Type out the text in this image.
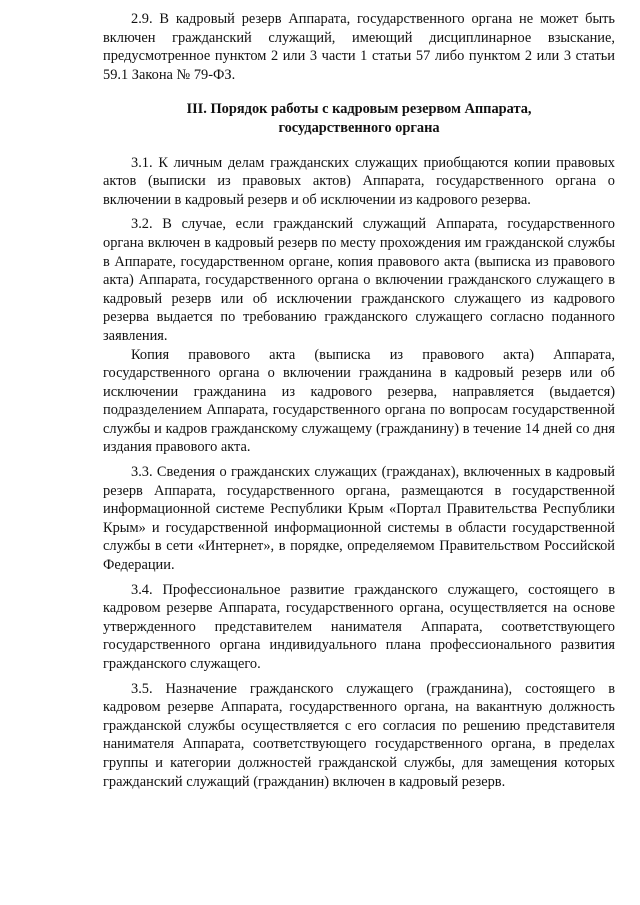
2.9. В кадровый резерв Аппарата, государственного органа не может быть включен гражданский служащий, имеющий дисциплинарное взыскание, предусмотренное пунктом 2 или 3 части 1 статьи 57 либо пунктом 2 или 3 статьи 59.1 Закона № 79-ФЗ.

III. Порядок работы с кадровым резервом Аппарата,

государственного органа

3.1. К личным делам гражданских служащих приобщаются копии правовых актов (выписки из правовых актов) Аппарата, государственного органа о включении в кадровый резерв и об исключении из кадрового резерва.

3.2. В случае, если гражданский служащий Аппарата, государственного органа включен в кадровый резерв по месту прохождения им гражданской службы в Аппарате, государственном органе, копия правового акта (выписка из правового акта) Аппарата, государственного органа о включении гражданского служащего в кадровый резерв или об исключении гражданского служащего из кадрового резерва выдается по требованию гражданского служащего согласно поданного заявления.

Копия правового акта (выписка из правового акта) Аппарата, государственного органа о включении гражданина в кадровый резерв или об исключении гражданина из кадрового резерва, направляется (выдается) подразделением Аппарата, государственного органа по вопросам государственной службы и кадров гражданскому служащему (гражданину) в течение 14 дней со дня издания правового акта.

3.3. Сведения о гражданских служащих (гражданах), включенных в кадровый резерв Аппарата, государственного органа, размещаются в государственной информационной системе Республики Крым «Портал Правительства Республики Крым» и государственной информационной системы в области государственной службы в сети «Интернет», в порядке, определяемом Правительством Российской Федерации.

3.4. Профессиональное развитие гражданского служащего, состоящего в кадровом резерве Аппарата, государственного органа, осуществляется на основе утвержденного представителем нанимателя Аппарата, соответствующего государственного органа индивидуального плана профессионального развития гражданского служащего.

3.5. Назначение гражданского служащего (гражданина), состоящего в кадровом резерве Аппарата, государственного органа, на вакантную должность гражданской службы осуществляется с его согласия по решению представителя нанимателя Аппарата, соответствующего государственного органа, в пределах группы и категории должностей гражданской службы, для замещения которых гражданский служащий (гражданин) включен в кадровый резерв.
